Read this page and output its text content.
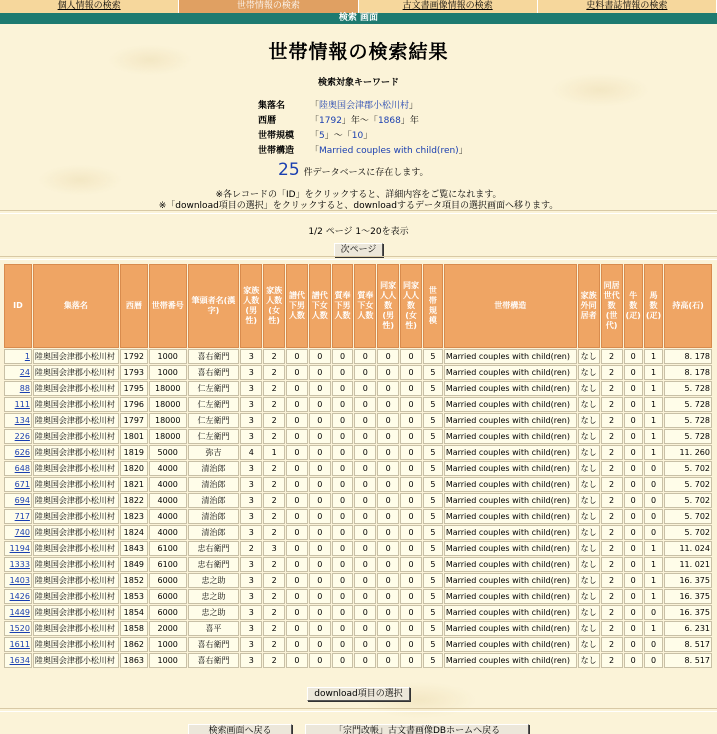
個人情報の検索	世帯情報の検索	古文書画像情報の検索	史料書誌情報の検索
検索 画面
世帯情報の検索結果
検索対象キーワード
集落名	「陸奥国会津郡小松川村」
西暦	「1792」年〜「1868」年
世帯規模	「5」〜「10」
世帯構造	「Married couples with child(ren)」
25 件データベースに存在します。
※各レコードの「ID」をクリックすると、詳細内容をご覧になれます。
※「download項目の選択」をクリックすると、downloadするデータ項目の選択画面へ移ります。
1/2 ページ 1〜20を表示
次ページ
ID	集落名	西暦	世帯番号	筆頭者名(漢字)	家族人数(男性)	家族人数(女性)	譜代下男人数	譜代下女人数	質奉下男人数	質奉下女人数	同家人人数(男性)	同家人人数(女性)	世帯規模	世帯構造	家族外同居者	同居世代数(世代)	牛数(疋)	馬数(疋)	持高(石)
1	陸奥国会津郡小松川村	1792	1000	喜右衛門	3	2	0	0	0	0	0	0	5	Married couples with child(ren)	なし	2	0	1	8. 178
24	陸奥国会津郡小松川村	1793	1000	喜右衛門	3	2	0	0	0	0	0	0	5	Married couples with child(ren)	なし	2	0	1	8. 178
88	陸奥国会津郡小松川村	1795	18000	仁左衛門	3	2	0	0	0	0	0	0	5	Married couples with child(ren)	なし	2	0	1	5. 728
111	陸奥国会津郡小松川村	1796	18000	仁左衛門	3	2	0	0	0	0	0	0	5	Married couples with child(ren)	なし	2	0	1	5. 728
134	陸奥国会津郡小松川村	1797	18000	仁左衛門	3	2	0	0	0	0	0	0	5	Married couples with child(ren)	なし	2	0	1	5. 728
226	陸奥国会津郡小松川村	1801	18000	仁左衛門	3	2	0	0	0	0	0	0	5	Married couples with child(ren)	なし	2	0	1	5. 728
626	陸奥国会津郡小松川村	1819	5000	弥吉	4	1	0	0	0	0	0	0	5	Married couples with child(ren)	なし	2	0	1	11. 260
648	陸奥国会津郡小松川村	1820	4000	清治郎	3	2	0	0	0	0	0	0	5	Married couples with child(ren)	なし	2	0	0	5. 702
671	陸奥国会津郡小松川村	1821	4000	清治郎	3	2	0	0	0	0	0	0	5	Married couples with child(ren)	なし	2	0	0	5. 702
694	陸奥国会津郡小松川村	1822	4000	清治郎	3	2	0	0	0	0	0	0	5	Married couples with child(ren)	なし	2	0	0	5. 702
717	陸奥国会津郡小松川村	1823	4000	清治郎	3	2	0	0	0	0	0	0	5	Married couples with child(ren)	なし	2	0	0	5. 702
740	陸奥国会津郡小松川村	1824	4000	清治郎	3	2	0	0	0	0	0	0	5	Married couples with child(ren)	なし	2	0	0	5. 702
1194	陸奥国会津郡小松川村	1843	6100	忠右衛門	2	3	0	0	0	0	0	0	5	Married couples with child(ren)	なし	2	0	1	11. 024
1333	陸奥国会津郡小松川村	1849	6100	忠右衛門	3	2	0	0	0	0	0	0	5	Married couples with child(ren)	なし	2	0	1	11. 021
1403	陸奥国会津郡小松川村	1852	6000	忠之助	3	2	0	0	0	0	0	0	5	Married couples with child(ren)	なし	2	0	1	16. 375
1426	陸奥国会津郡小松川村	1853	6000	忠之助	3	2	0	0	0	0	0	0	5	Married couples with child(ren)	なし	2	0	1	16. 375
1449	陸奥国会津郡小松川村	1854	6000	忠之助	3	2	0	0	0	0	0	0	5	Married couples with child(ren)	なし	2	0	0	16. 375
1520	陸奥国会津郡小松川村	1858	2000	喜平	3	2	0	0	0	0	0	0	5	Married couples with child(ren)	なし	2	0	1	6. 231
1611	陸奥国会津郡小松川村	1862	1000	喜右衛門	3	2	0	0	0	0	0	0	5	Married couples with child(ren)	なし	2	0	0	8. 517
1634	陸奥国会津郡小松川村	1863	1000	喜右衛門	3	2	0	0	0	0	0	0	5	Married couples with child(ren)	なし	2	0	0	8. 517
download項目の選択
検索画面へ戻る	「宗門改帳」古文書画像DBホームへ戻る
